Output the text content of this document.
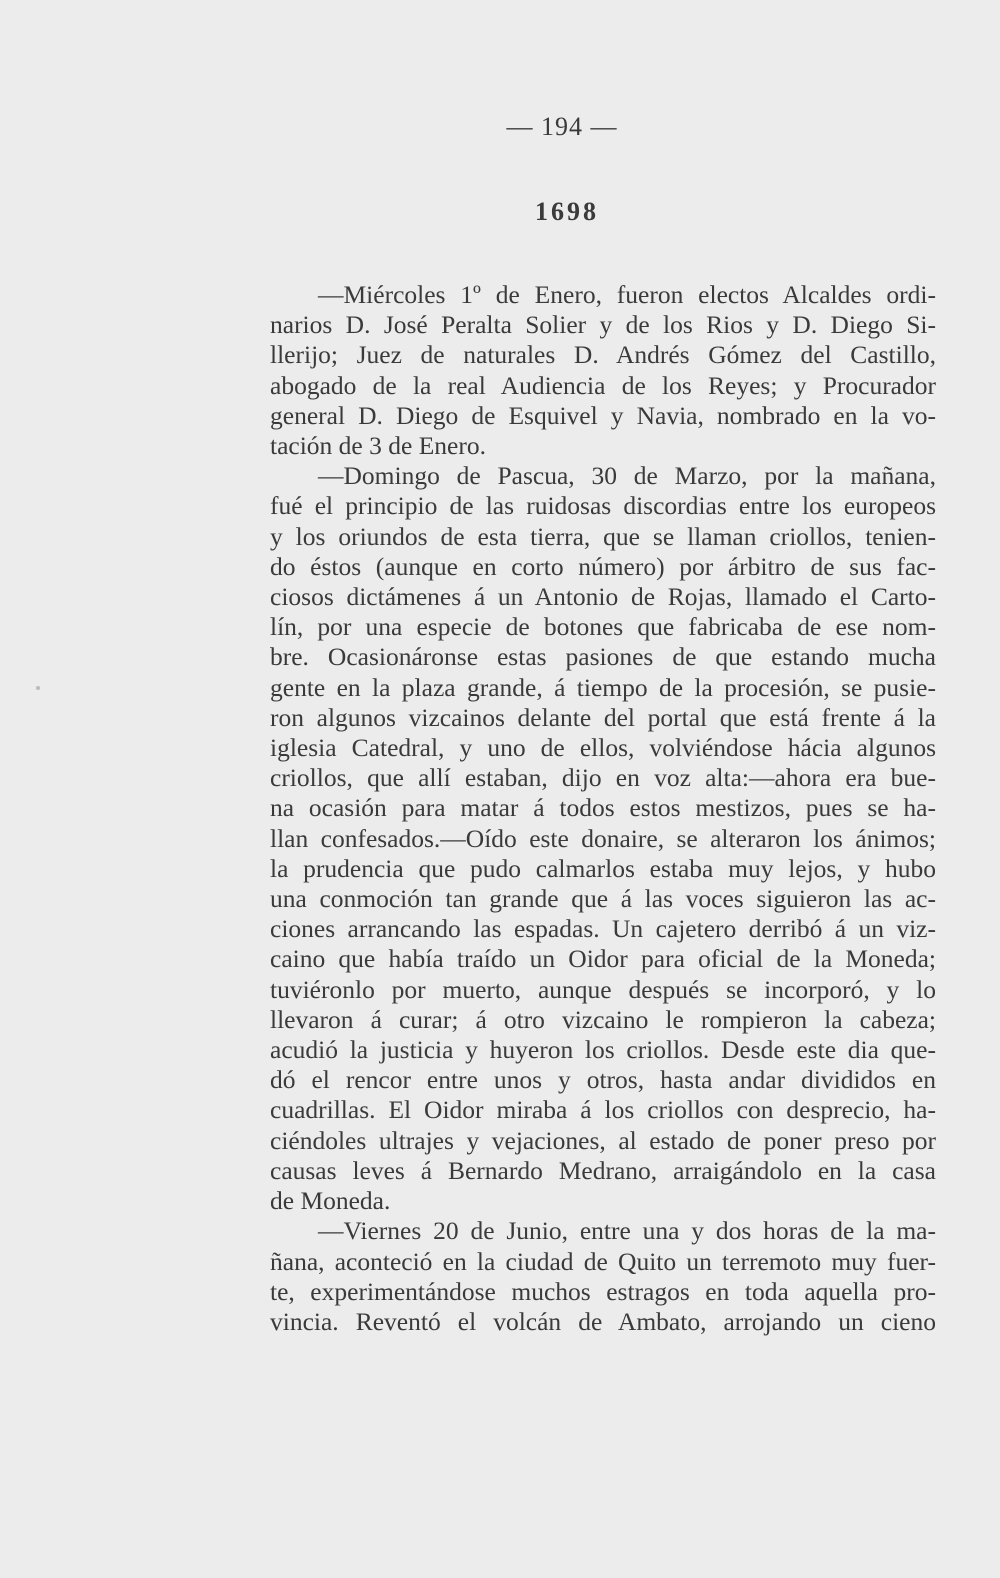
— 194 —
1698

—Miércoles 1º de Enero, fueron electos Alcaldes ordi-
narios D. José Peralta Solier y de los Rios y D. Diego Si-
llerijo; Juez de naturales D. Andrés Gómez del Castillo,
abogado de la real Audiencia de los Reyes; y Procurador
general D. Diego de Esquivel y Navia, nombrado en la vo-
tación de 3 de Enero.

—Domingo de Pascua, 30 de Marzo, por la mañana,
fué el principio de las ruidosas discordias entre los europeos
y los oriundos de esta tierra, que se llaman criollos, tenien-
do éstos (aunque en corto número) por árbitro de sus fac-
ciosos dictámenes á un Antonio de Rojas, llamado el Carto-
lín, por una especie de botones que fabricaba de ese nom-
bre. Ocasionáronse estas pasiones de que estando mucha
gente en la plaza grande, á tiempo de la procesión, se pusie-
ron algunos vizcainos delante del portal que está frente á la
iglesia Catedral, y uno de ellos, volviéndose hácia algunos
criollos, que allí estaban, dijo en voz alta:—ahora era bue-
na ocasión para matar á todos estos mestizos, pues se ha-
llan confesados.—Oído este donaire, se alteraron los ánimos;
la prudencia que pudo calmarlos estaba muy lejos, y hubo
una conmoción tan grande que á las voces siguieron las ac-
ciones arrancando las espadas. Un cajetero derribó á un viz-
caino que había traído un Oidor para oficial de la Moneda;
tuviéronlo por muerto, aunque después se incorporó, y lo
llevaron á curar; á otro vizcaino le rompieron la cabeza;
acudió la justicia y huyeron los criollos. Desde este dia que-
dó el rencor entre unos y otros, hasta andar divididos en
cuadrillas. El Oidor miraba á los criollos con desprecio, ha-
ciéndoles ultrajes y vejaciones, al estado de poner preso por
causas leves á Bernardo Medrano, arraigándolo en la casa
de Moneda.

—Viernes 20 de Junio, entre una y dos horas de la ma-
ñana, aconteció en la ciudad de Quito un terremoto muy fuer-
te, experimentándose muchos estragos en toda aquella pro-
vincia. Reventó el volcán de Ambato, arrojando un cieno
